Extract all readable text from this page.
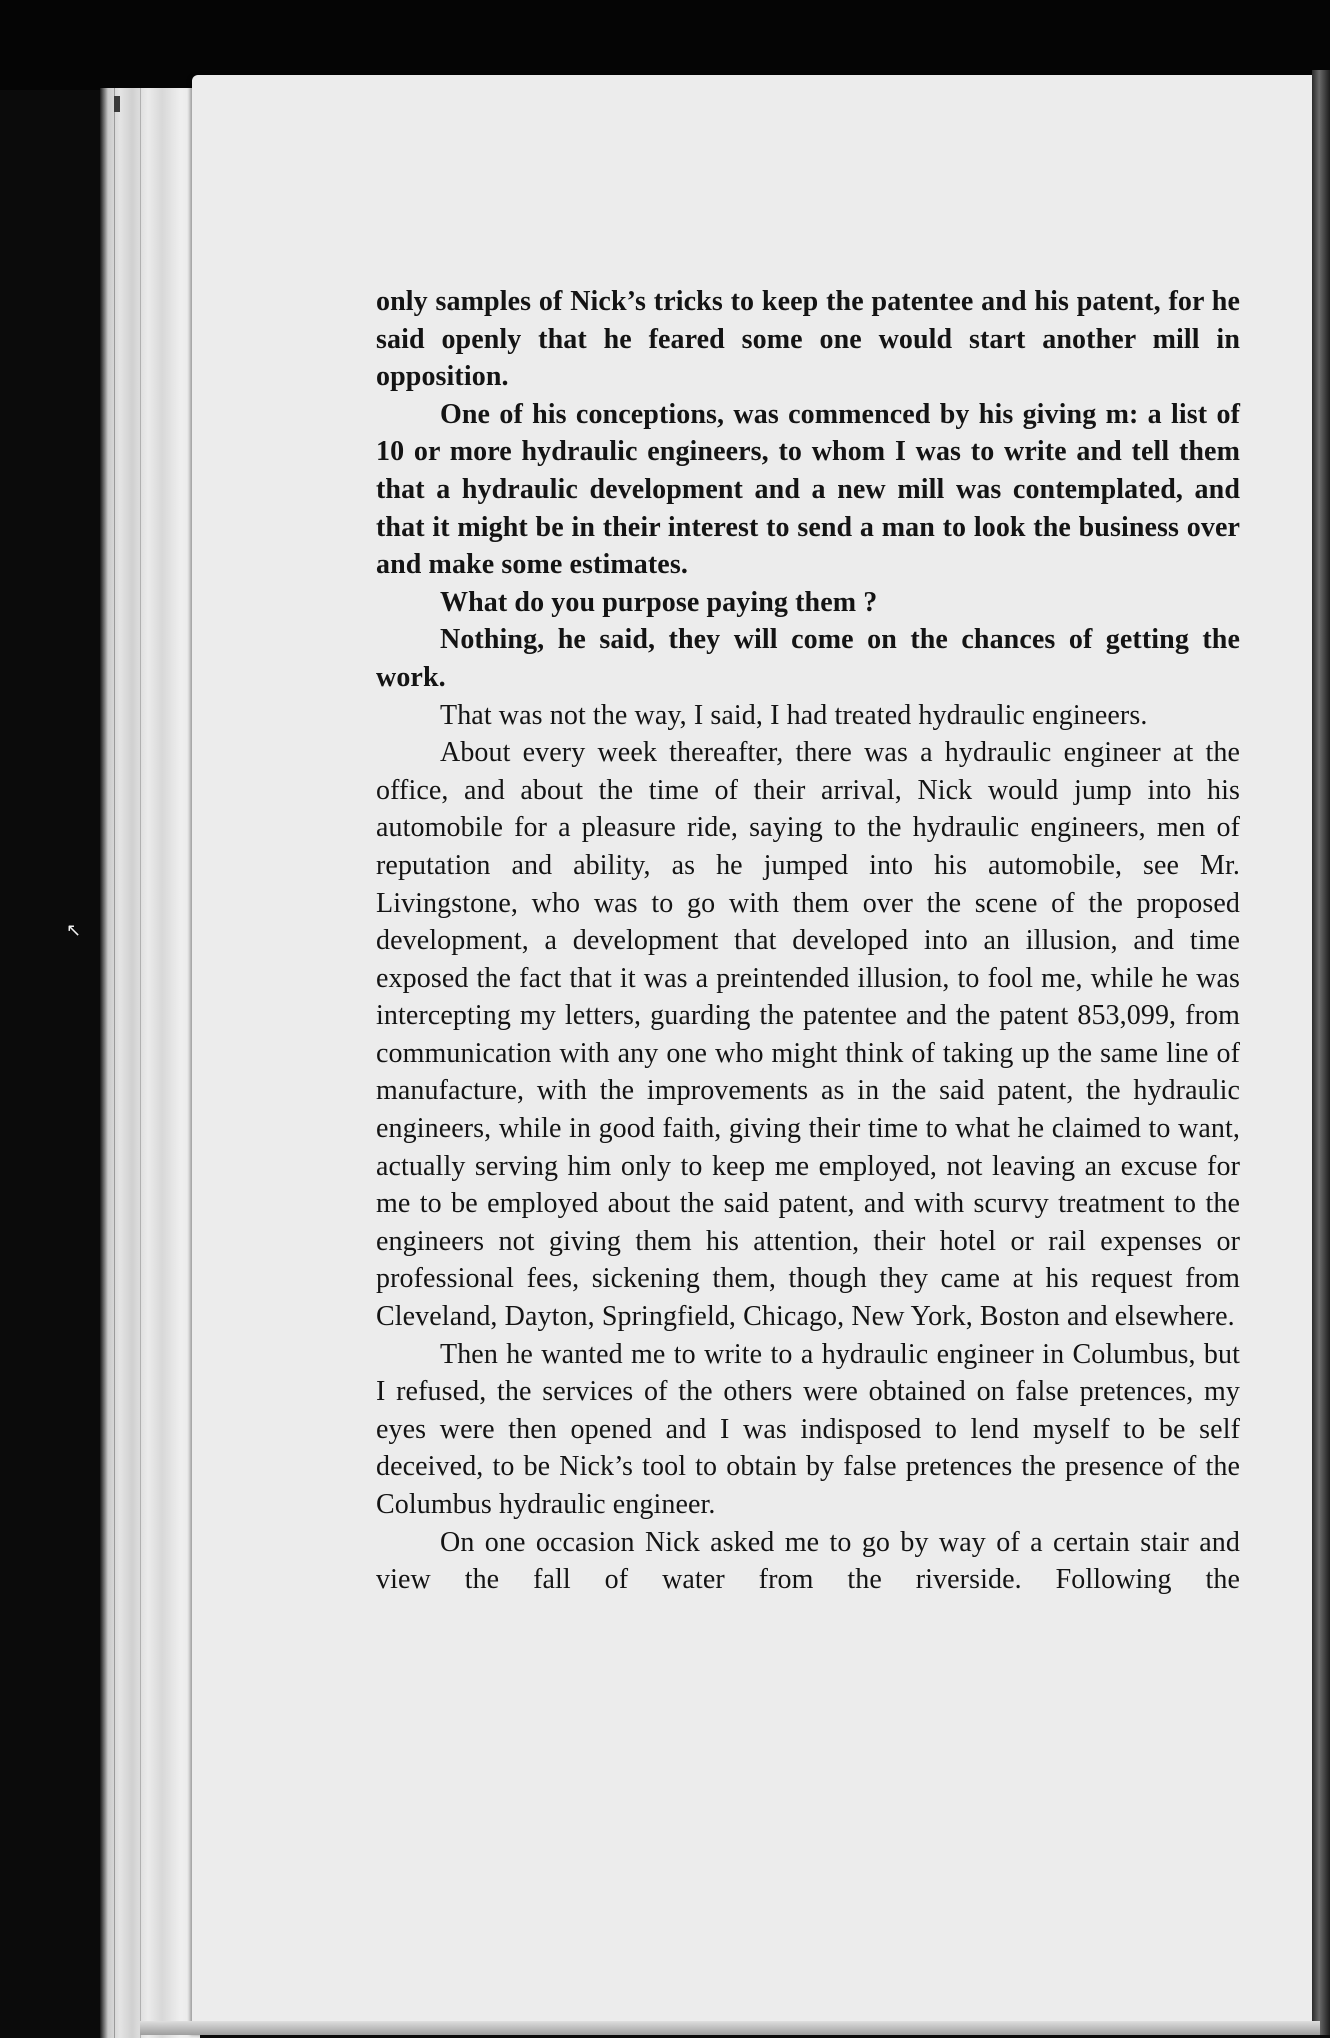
↖

only samples of Nick’s tricks to keep the patentee and his patent, for he said openly that he feared some one would start another mill in opposition.

One of his conceptions, was commenced by his giving m: a list of 10 or more hydraulic engineers, to whom I was to write and tell them that a hydraulic development and a new mill was contemplated, and that it might be in their interest to send a man to look the business over and make some estimates.

What do you purpose paying them ?

Nothing, he said, they will come on the chances of getting the work.

That was not the way, I said, I had treated hydraulic engineers.

About every week thereafter, there was a hydraulic engineer at the office, and about the time of their arrival, Nick would jump into his automobile for a pleasure ride, saying to the hydraulic engineers, men of reputation and ability, as he jumped into his automobile, see Mr. Livingstone, who was to go with them over the scene of the proposed development, a development that developed into an illusion, and time exposed the fact that it was a preintended illusion, to fool me, while he was intercepting my letters, guarding the patentee and the patent 853,099, from communication with any one who might think of taking up the same line of manufacture, with the improvements as in the said patent, the hydraulic engineers, while in good faith, giving their time to what he claimed to want, actually serving him only to keep me employed, not leaving an excuse for me to be employed about the said patent, and with scurvy treatment to the engineers not giving them his attention, their hotel or rail expenses or professional fees, sickening them, though they came at his request from Cleveland, Dayton, Springfield, Chicago, New York, Boston and elsewhere.

Then he wanted me to write to a hydraulic engineer in Columbus, but I refused, the services of the others were obtained on false pretences, my eyes were then opened and I was indisposed to lend myself to be self deceived, to be Nick’s tool to obtain by false pretences the presence of the Columbus hydraulic engineer.

On one occasion Nick asked me to go by way of a certain stair and view the fall of water from the riverside. Following the
